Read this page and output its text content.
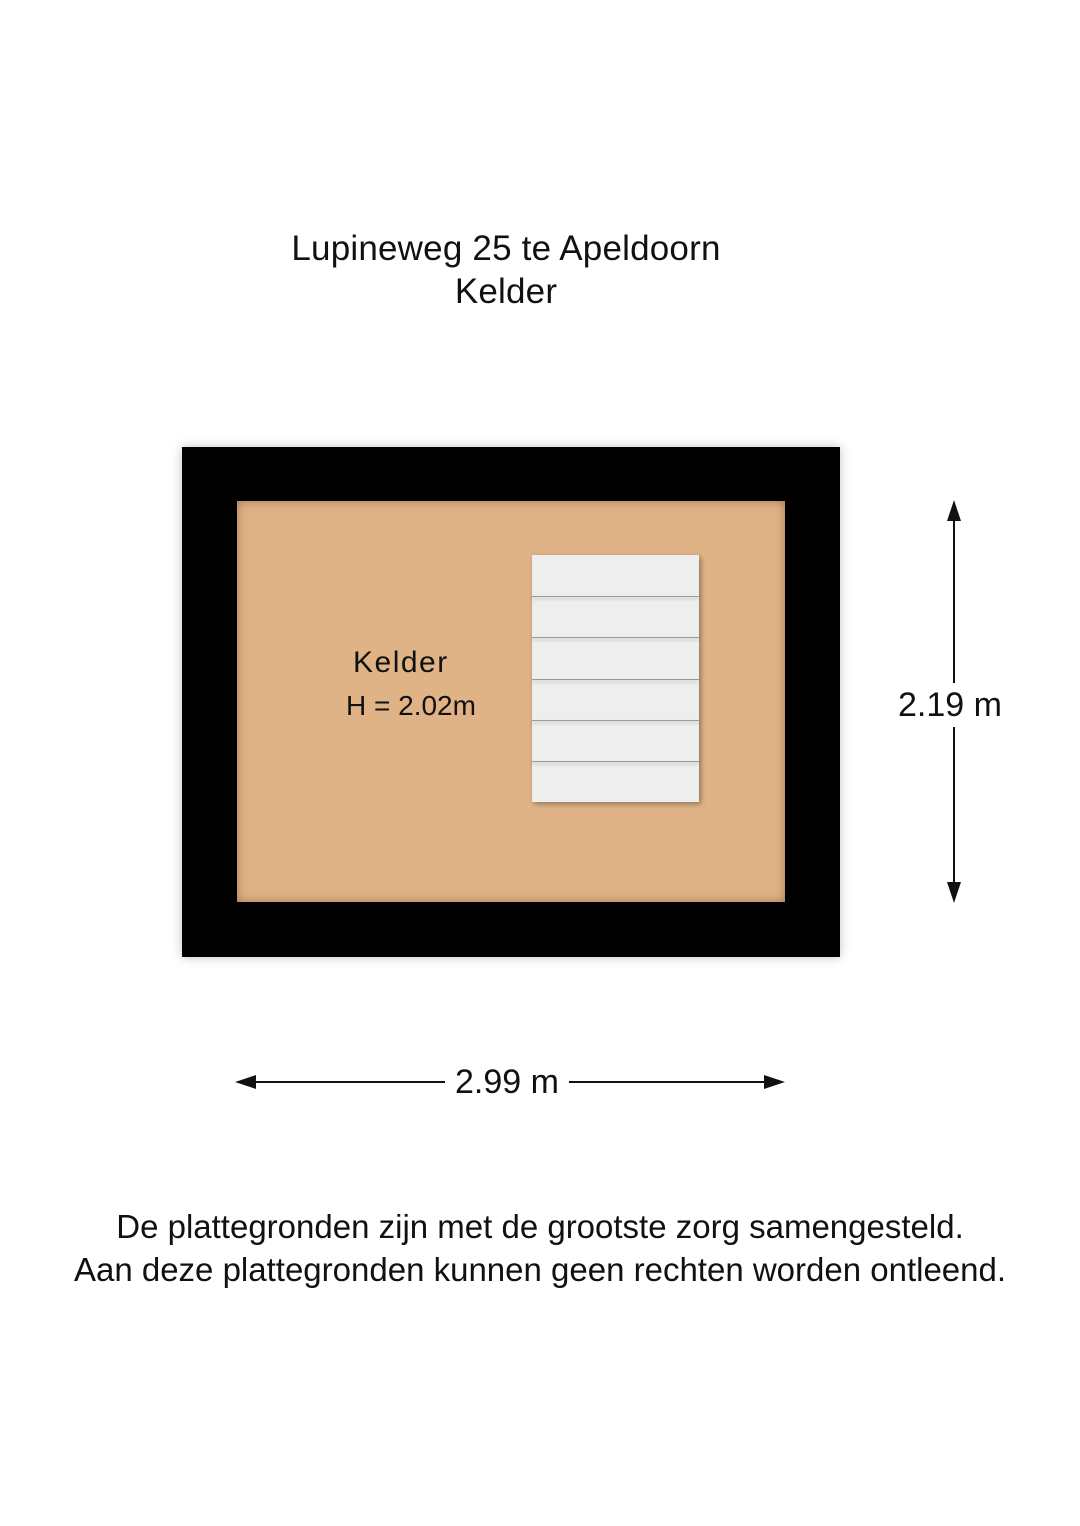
Lupineweg 25 te Apeldoorn
Kelder
Kelder
H = 2.02m	2.19 m
2.99 m
De plattegronden zijn met de grootste zorg samengesteld.
Aan deze plattegronden kunnen geen rechten worden ontleend.
